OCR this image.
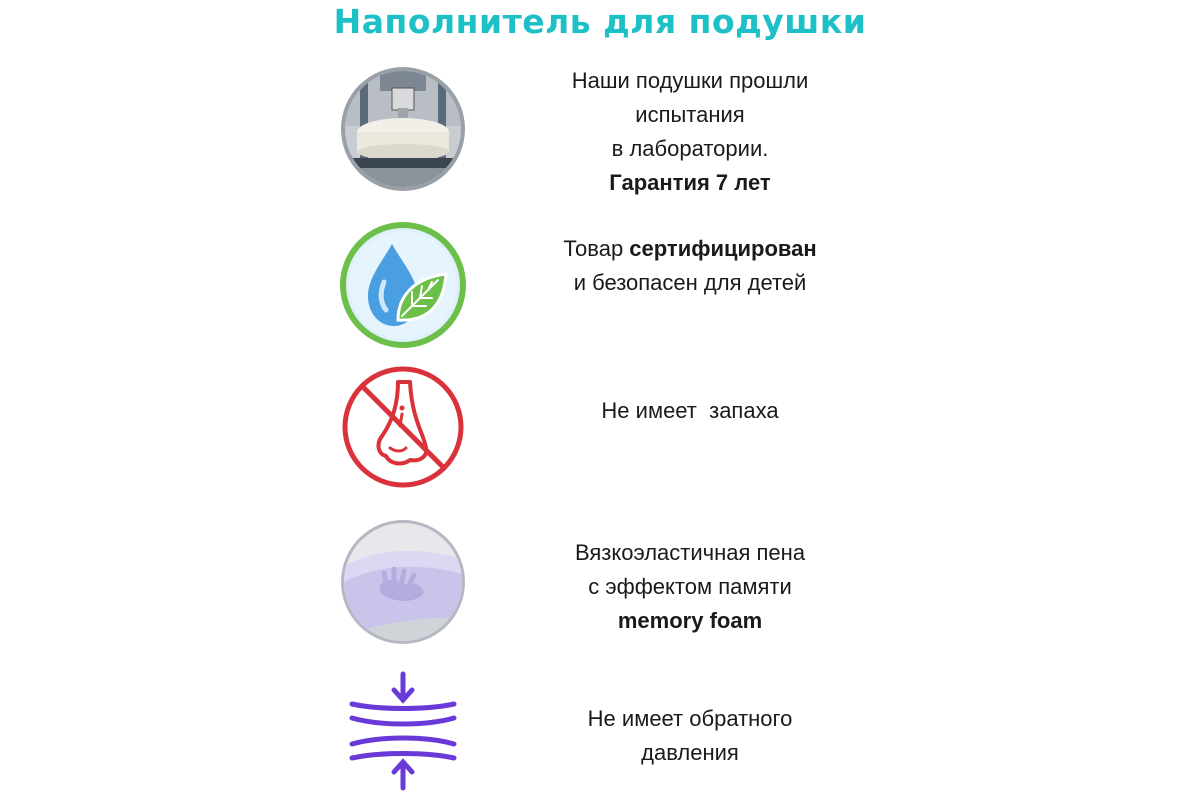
Наполнитель для подушки
Наши подушки прошли
испытания
в лаборатории.
Гарантия 7 лет
Товар сертифицирован
и безопасен для детей
Не имеет  запаха
Вязкоэластичная пена
с эффектом памяти
memory foam
Не имеет обратного
давления
